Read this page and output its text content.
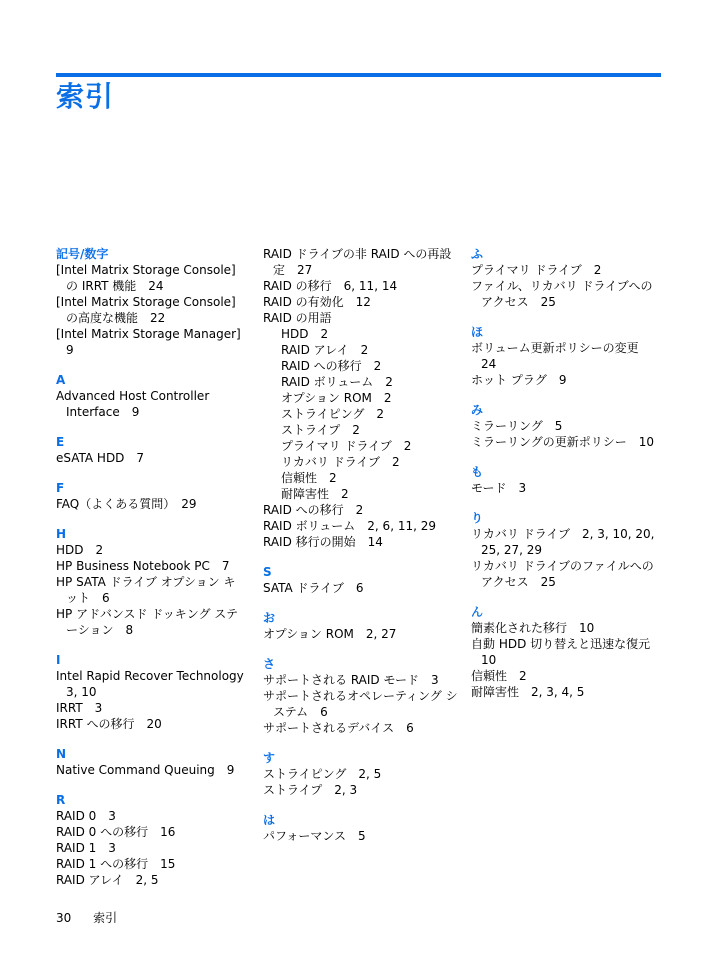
索引
記号/数字
[Intel Matrix Storage Console]の IRRT 機能　24
[Intel Matrix Storage Console]の高度な機能　22
[Intel Matrix Storage Manager]　9
A
Advanced Host Controller Interface　9
E
eSATA HDD　7
F
FAQ（よくある質問）　29
H
HDD　2
HP Business Notebook PC　7
HP SATA ドライブ オプション キット　6
HP アドバンスド ドッキング ステーション　8
I
Intel Rapid Recover Technology　3, 10
IRRT　3
IRRT への移行　20
N
Native Command Queuing　9
R
RAID 0　3
RAID 0 への移行　16
RAID 1　3
RAID 1 への移行　15
RAID アレイ　2, 5
RAID ドライブの非 RAID への再設定　27
RAID の移行　6, 11, 14
RAID の有効化　12
RAID の用語
HDD　2
RAID アレイ　2
RAID への移行　2
RAID ボリューム　2
オプション ROM　2
ストライピング　2
ストライプ　2
プライマリ ドライブ　2
リカバリ ドライブ　2
信頼性　2
耐障害性　2
RAID への移行　2
RAID ボリューム　2, 6, 11, 29
RAID 移行の開始　14
S
SATA ドライブ　6
お
オプション ROM　2, 27
さ
サポートされる RAID モード　3
サポートされるオペレーティング システム　6
サポートされるデバイス　6
す
ストライピング　2, 5
ストライプ　2, 3
は
パフォーマンス　5
ふ
プライマリ ドライブ　2
ファイル、リカバリ ドライブへのアクセス　25
ほ
ボリューム更新ポリシーの変更　24
ホット プラグ　9
み
ミラーリング　5
ミラーリングの更新ポリシー　10
も
モード　3
り
リカバリ ドライブ　2, 3, 10, 20, 25, 27, 29
リカバリ ドライブのファイルへのアクセス　25
ん
簡素化された移行　10
自動 HDD 切り替えと迅速な復元　10
信頼性　2
耐障害性　2, 3, 4, 5
30 索引
